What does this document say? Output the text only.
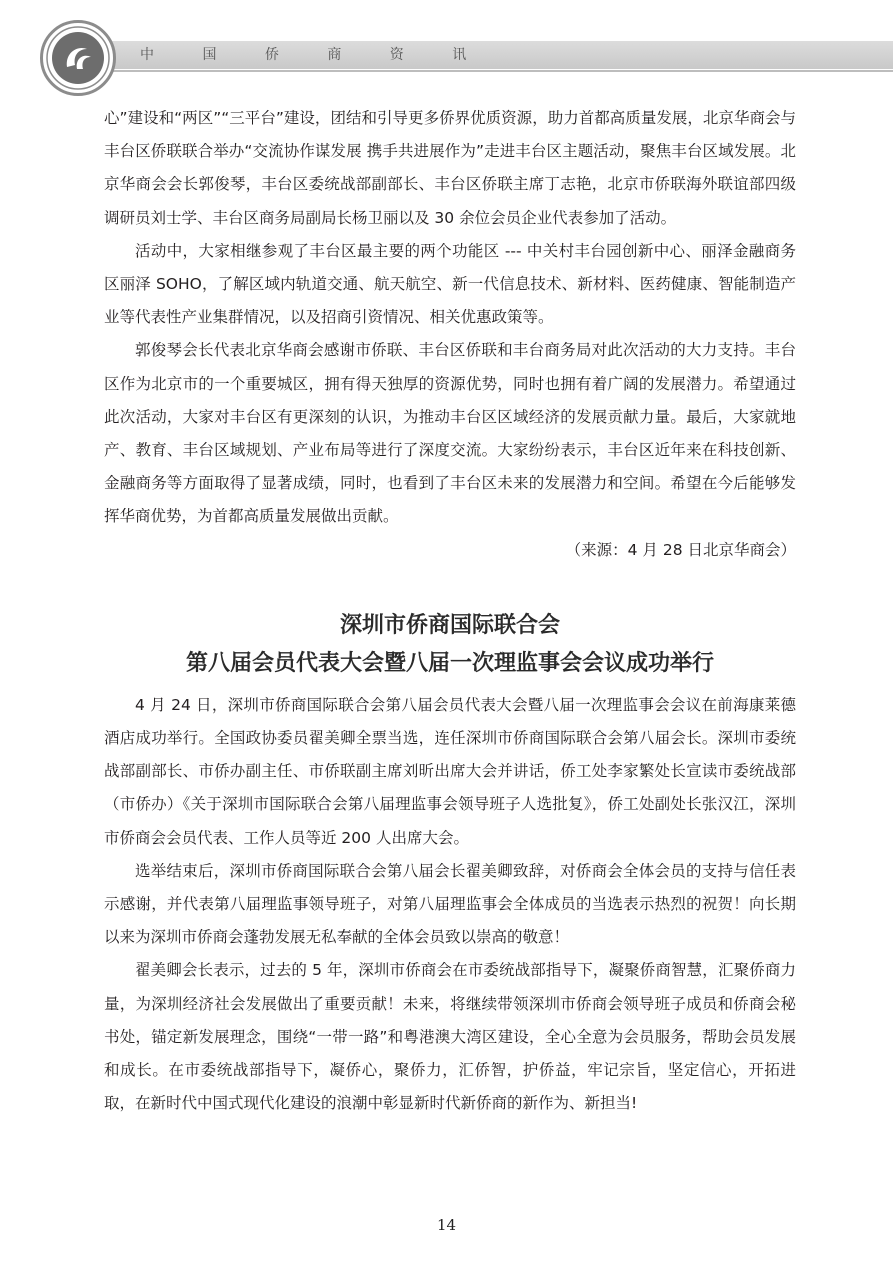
中 国 侨 商 资 讯

心”建设和“两区”“三平台”建设，团结和引导更多侨界优质资源，助力首都高质量发展，北京华商会与丰台区侨联联合举办“交流协作谋发展 携手共进展作为”走进丰台区主题活动，聚焦丰台区域发展。北京华商会会长郭俊琴，丰台区委统战部副部长、丰台区侨联主席丁志艳，北京市侨联海外联谊部四级调研员刘士学、丰台区商务局副局长杨卫丽以及 30 余位会员企业代表参加了活动。

活动中，大家相继参观了丰台区最主要的两个功能区 --- 中关村丰台园创新中心、丽泽金融商务区丽泽 SOHO，了解区域内轨道交通、航天航空、新一代信息技术、新材料、医药健康、智能制造产业等代表性产业集群情况，以及招商引资情况、相关优惠政策等。

郭俊琴会长代表北京华商会感谢市侨联、丰台区侨联和丰台商务局对此次活动的大力支持。丰台区作为北京市的一个重要城区，拥有得天独厚的资源优势，同时也拥有着广阔的发展潜力。希望通过此次活动，大家对丰台区有更深刻的认识，为推动丰台区区域经济的发展贡献力量。最后，大家就地产、教育、丰台区域规划、产业布局等进行了深度交流。大家纷纷表示，丰台区近年来在科技创新、金融商务等方面取得了显著成绩，同时，也看到了丰台区未来的发展潜力和空间。希望在今后能够发挥华商优势，为首都高质量发展做出贡献。

（来源：4 月 28 日北京华商会）

深圳市侨商国际联合会
第八届会员代表大会暨八届一次理监事会会议成功举行

4 月 24 日，深圳市侨商国际联合会第八届会员代表大会暨八届一次理监事会会议在前海康莱德酒店成功举行。全国政协委员翟美卿全票当选，连任深圳市侨商国际联合会第八届会长。深圳市委统战部副部长、市侨办副主任、市侨联副主席刘昕出席大会并讲话，侨工处李家繁处长宣读市委统战部（市侨办）《关于深圳市国际联合会第八届理监事会领导班子人选批复》，侨工处副处长张汉江，深圳市侨商会会员代表、工作人员等近 200 人出席大会。

选举结束后，深圳市侨商国际联合会第八届会长翟美卿致辞，对侨商会全体会员的支持与信任表示感谢，并代表第八届理监事领导班子，对第八届理监事会全体成员的当选表示热烈的祝贺！向长期以来为深圳市侨商会蓬勃发展无私奉献的全体会员致以崇高的敬意！

翟美卿会长表示，过去的 5 年，深圳市侨商会在市委统战部指导下，凝聚侨商智慧，汇聚侨商力量，为深圳经济社会发展做出了重要贡献！未来，将继续带领深圳市侨商会领导班子成员和侨商会秘书处，锚定新发展理念，围绕“一带一路”和粤港澳大湾区建设，全心全意为会员服务，帮助会员发展和成长。在市委统战部指导下，凝侨心，聚侨力，汇侨智，护侨益，牢记宗旨，坚定信心，开拓进取，在新时代中国式现代化建设的浪潮中彰显新时代新侨商的新作为、新担当!

14
